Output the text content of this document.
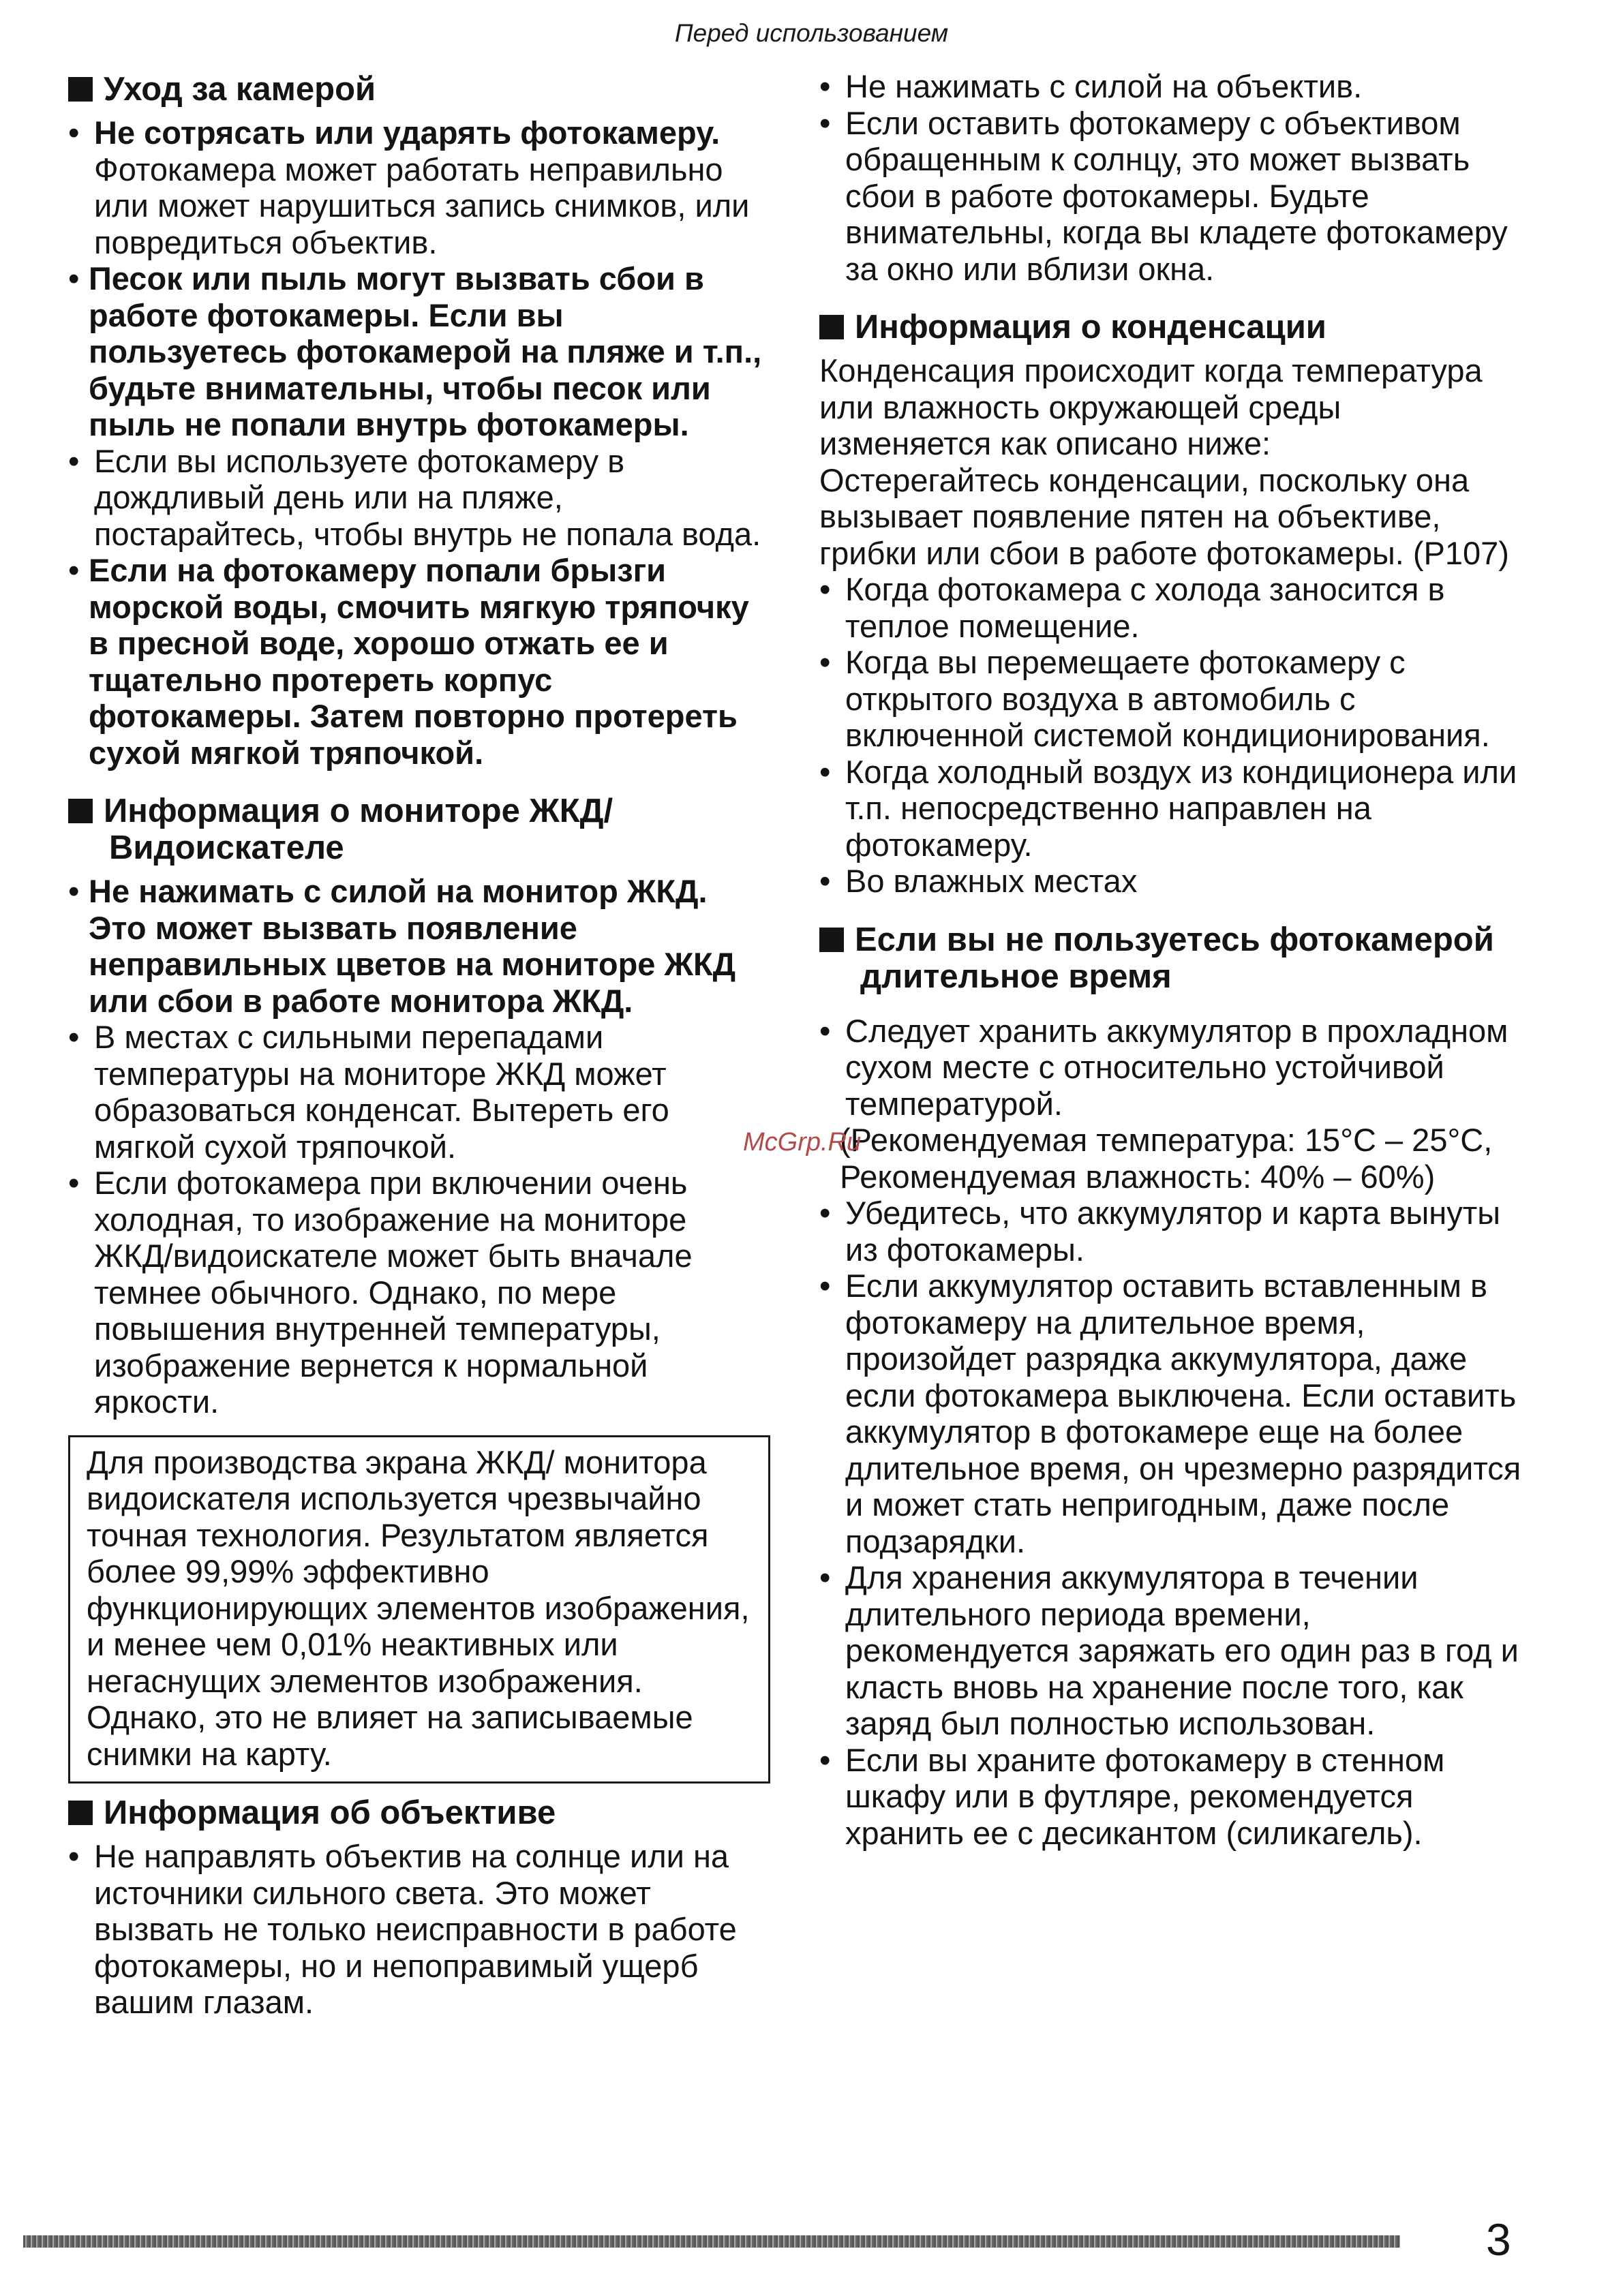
Перед использованием
Уход за камерой

• Не сотрясать или ударять фотокамеру. Фотокамера может работать неправильно или может нарушиться запись снимков, или повредиться объектив.

• Песок или пыль могут вызвать сбои в работе фотокамеры. Если вы пользуетесь фотокамерой на пляже и т.п., будьте внимательны, чтобы песок или пыль не попали внутрь фотокамеры.

• Если вы используете фотокамеру в дождливый день или на пляже, постарайтесь, чтобы внутрь не попала вода.

• Если на фотокамеру попали брызги морской воды, смочить мягкую тряпочку в пресной воде, хорошо отжать ее и тщательно протереть корпус фотокамеры. Затем повторно протереть сухой мягкой тряпочкой.

Информация о мониторе ЖКД/ Видоискателе

• Не нажимать с силой на монитор ЖКД. Это может вызвать появление неправильных цветов на мониторе ЖКД или сбои в работе монитора ЖКД.

• В местах с сильными перепадами температуры на мониторе ЖКД может образоваться конденсат. Вытереть его мягкой сухой тряпочкой.

• Если фотокамера при включении очень холодная, то изображение на мониторе ЖКД/видоискателе может быть вначале темнее обычного. Однако, по мере повышения внутренней температуры, изображение вернется к нормальной яркости.

Для производства экрана ЖКД/ монитора видоискателя используется чрезвычайно точная технология. Результатом является более 99,99% эффективно функционирующих элементов изображения, и менее чем 0,01% неактивных или негаснущих элементов изображения. Однако, это не влияет на записываемые снимки на карту.
Информация об объективе

• Не направлять объектив на солнце или на источники сильного света. Это может вызвать не только неисправности в работе фотокамеры, но и непоправимый ущерб вашим глазам.

• Не нажимать с силой на объектив.

• Если оставить фотокамеру с объективом обращенным к солнцу, это может вызвать сбои в работе фотокамеры. Будьте внимательны, когда вы кладете фотокамеру за окно или вблизи окна.

Информация о конденсации

Конденсация происходит когда температура или влажность окружающей среды изменяется как описано ниже:

Остерегайтесь конденсации, поскольку она вызывает появление пятен на объективе, грибки или сбои в работе фотокамеры. (P107)

• Когда фотокамера с холода заносится в теплое помещение.

• Когда вы перемещаете фотокамеру с открытого воздуха в автомобиль с включенной системой кондиционирования.

• Когда холодный воздух из кондиционера или т.п. непосредственно направлен на фотокамеру.

• Во влажных местах

Если вы не пользуетесь фотокамерой длительное время

• Следует хранить аккумулятор в прохладном сухом месте с относительно устойчивой температурой.

(Рекомендуемая температура: 15°C – 25°C, Рекомендуемая влажность: 40% – 60%)

• Убедитесь, что аккумулятор и карта вынуты из фотокамеры.

• Если аккумулятор оставить вставленным в фотокамеру на длительное время, произойдет разрядка аккумулятора, даже если фотокамера выключена. Если оставить аккумулятор в фотокамере еще на более длительное время, он чрезмерно разрядится и может стать непригодным, даже после подзарядки.

• Для хранения аккумулятора в течении длительного периода времени, рекомендуется заряжать его один раз в год и класть вновь на хранение после того, как заряд был полностью использован.

• Если вы храните фотокамеру в стенном шкафу или в футляре, рекомендуется хранить ее с десикантом (силикагель).

McGrp.Ru
3
